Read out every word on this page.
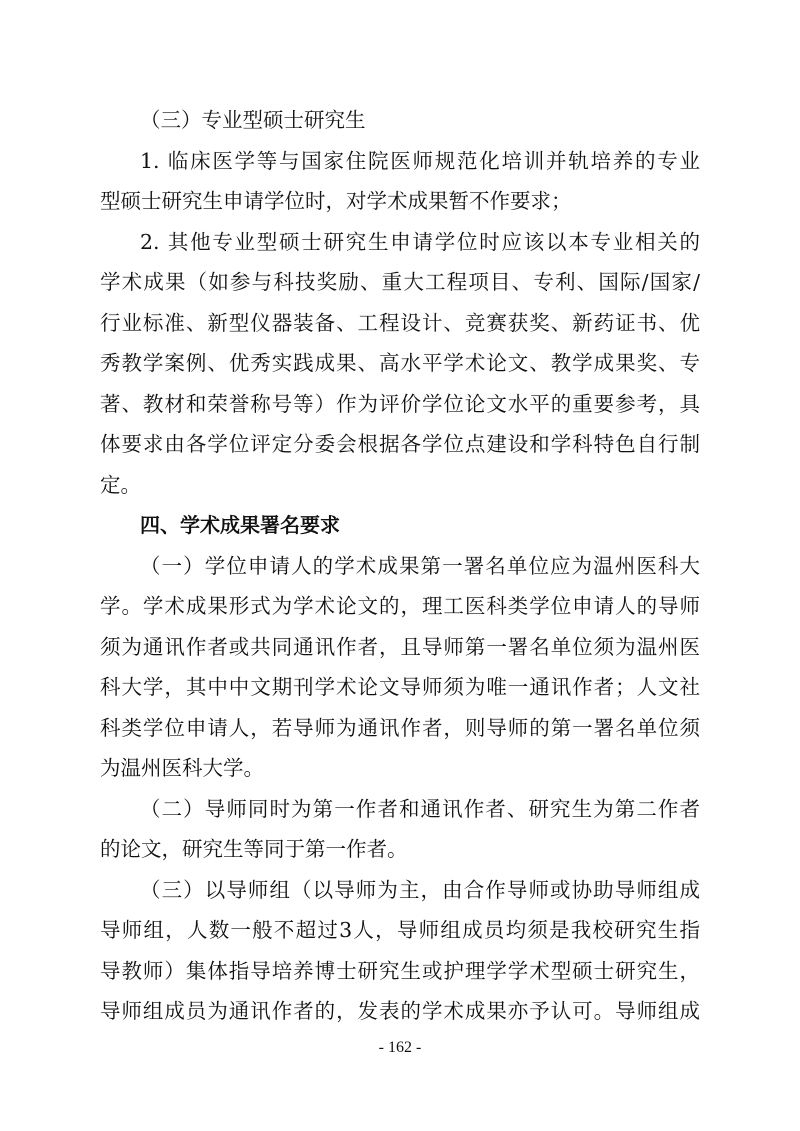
（三）专业型硕士研究生
1. 临床医学等与国家住院医师规范化培训并轨培养的专业
型硕士研究生申请学位时，对学术成果暂不作要求；
2. 其他专业型硕士研究生申请学位时应该以本专业相关的
学术成果（如参与科技奖励、重大工程项目、专利、国际/国家/
行业标准、新型仪器装备、工程设计、竞赛获奖、新药证书、优
秀教学案例、优秀实践成果、高水平学术论文、教学成果奖、专
著、教材和荣誉称号等）作为评价学位论文水平的重要参考，具
体要求由各学位评定分委会根据各学位点建设和学科特色自行制
定。
四、学术成果署名要求
（一）学位申请人的学术成果第一署名单位应为温州医科大
学。学术成果形式为学术论文的，理工医科类学位申请人的导师
须为通讯作者或共同通讯作者，且导师第一署名单位须为温州医
科大学，其中中文期刊学术论文导师须为唯一通讯作者；人文社
科类学位申请人，若导师为通讯作者，则导师的第一署名单位须
为温州医科大学。
（二）导师同时为第一作者和通讯作者、研究生为第二作者
的论文，研究生等同于第一作者。
（三）以导师组（以导师为主，由合作导师或协助导师组成
导师组，人数一般不超过3人，导师组成员均须是我校研究生指
导教师）集体指导培养博士研究生或护理学学术型硕士研究生，
导师组成员为通讯作者的，发表的学术成果亦予认可。导师组成
- 162 -
